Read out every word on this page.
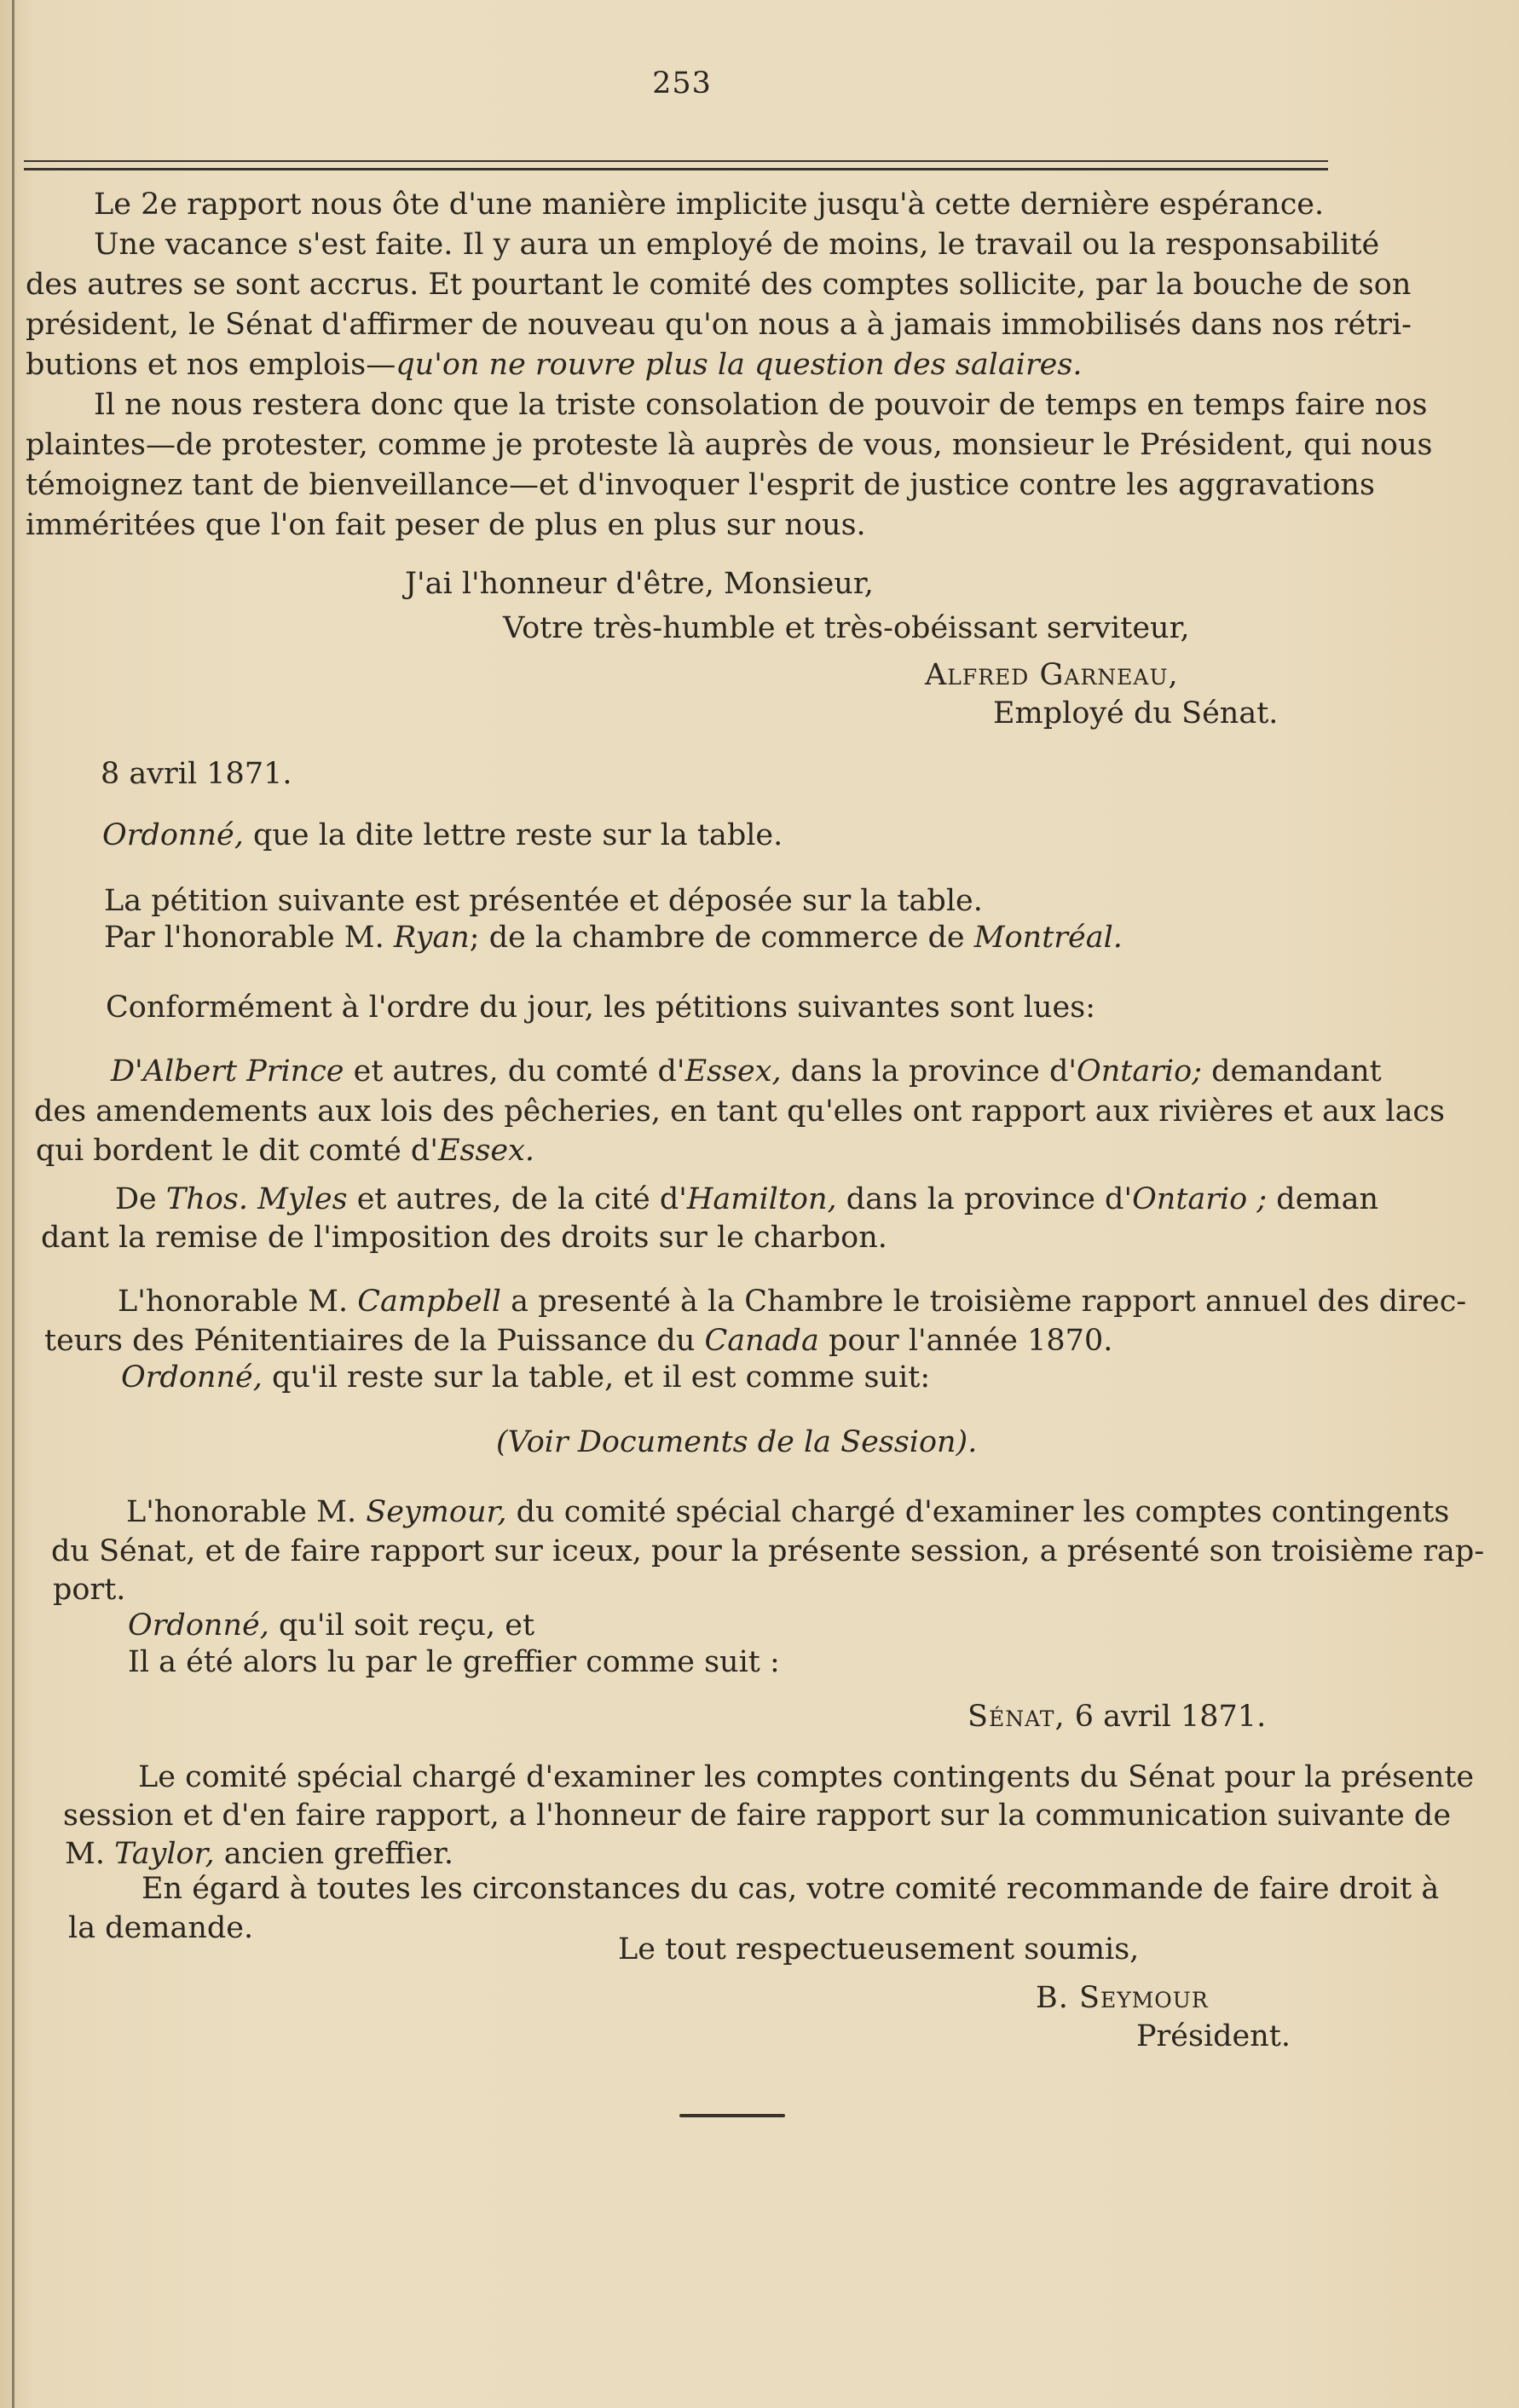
253
Le 2e rapport nous ôte d'une manière implicite jusqu'à cette dernière espérance.
Une vacance s'est faite. Il y aura un employé de moins, le travail ou la responsabilité
des autres se sont accrus. Et pourtant le comité des comptes sollicite, par la bouche de son
président, le Sénat d'affirmer de nouveau qu'on nous a à jamais immobilisés dans nos rétri-
butions et nos emplois—qu'on ne rouvre plus la question des salaires.
Il ne nous restera donc que la triste consolation de pouvoir de temps en temps faire nos
plaintes—de protester, comme je proteste là auprès de vous, monsieur le Président, qui nous
témoignez tant de bienveillance—et d'invoquer l'esprit de justice contre les aggravations
imméritées que l'on fait peser de plus en plus sur nous.
J'ai l'honneur d'être, Monsieur,
Votre très-humble et très-obéissant serviteur,
Alfred Garneau,
Employé du Sénat.
8 avril 1871.
Ordonné, que la dite lettre reste sur la table.
La pétition suivante est présentée et déposée sur la table.
Par l'honorable M. Ryan; de la chambre de commerce de Montréal.
Conformément à l'ordre du jour, les pétitions suivantes sont lues:
D'Albert Prince et autres, du comté d'Essex, dans la province d'Ontario; demandant
des amendements aux lois des pêcheries, en tant qu'elles ont rapport aux rivières et aux lacs
qui bordent le dit comté d'Essex.
De Thos. Myles et autres, de la cité d'Hamilton, dans la province d'Ontario ; deman
dant la remise de l'imposition des droits sur le charbon.
L'honorable M. Campbell a presenté à la Chambre le troisième rapport annuel des direc-
teurs des Pénitentiaires de la Puissance du Canada pour l'année 1870.
Ordonné, qu'il reste sur la table, et il est comme suit:
(Voir Documents de la Session).
L'honorable M. Seymour, du comité spécial chargé d'examiner les comptes contingents
du Sénat, et de faire rapport sur iceux, pour la présente session, a présenté son troisième rap-
port.
Ordonné, qu'il soit reçu, et
Il a été alors lu par le greffier comme suit :
Sénat, 6 avril 1871.
Le comité spécial chargé d'examiner les comptes contingents du Sénat pour la présente
session et d'en faire rapport, a l'honneur de faire rapport sur la communication suivante de
M. Taylor, ancien greffier.
En égard à toutes les circonstances du cas, votre comité recommande de faire droit à
la demande.
Le tout respectueusement soumis,
B. Seymour
Président.
